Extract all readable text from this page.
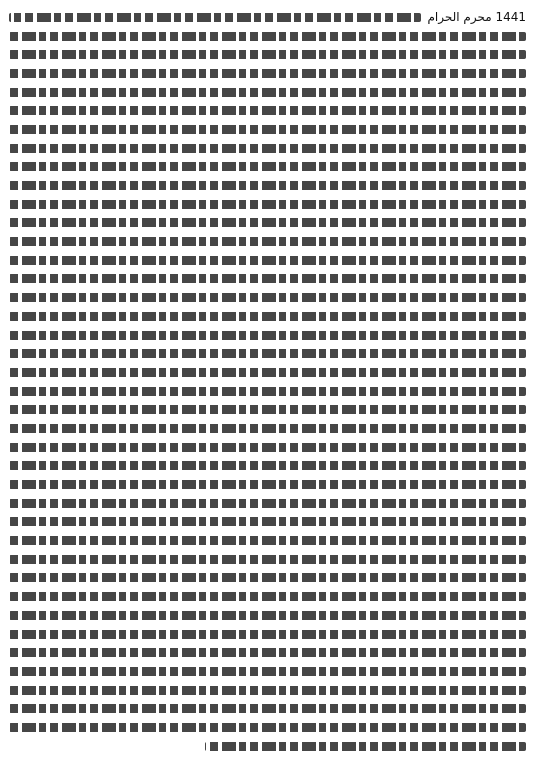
1441 محرم الحرام
